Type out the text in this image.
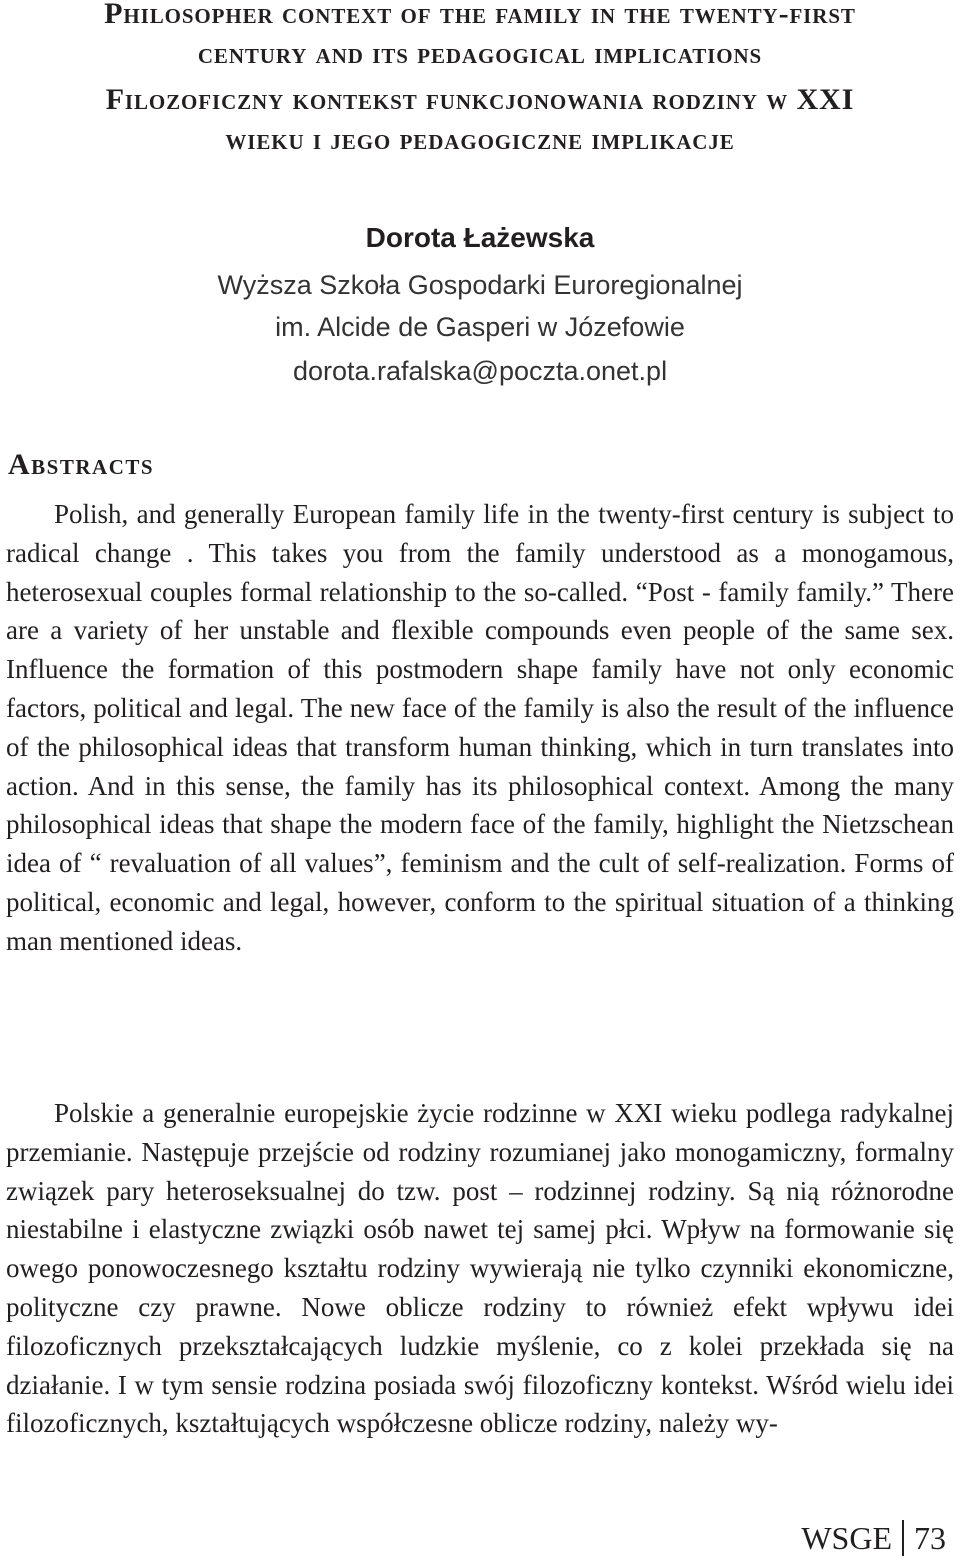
Philosopher context of the family in the twenty-first
century and its pedagogical implications
Filozoficzny kontekst funkcjonowania rodziny w XXI
wieku i jego pedagogiczne implikacje
Dorota Łażewska
Wyższa Szkoła Gospodarki Euroregionalnej
im. Alcide de Gasperi w Józefowie
dorota.rafalska@poczta.onet.pl
Abstracts

Polish, and generally European family life in the twenty-first century is subject to radical change . This takes you from the family understood as a monogamous, heterosexual couples formal relationship to the so-called. “Post - family family.” There are a variety of her unstable and flexible compounds even people of the same sex. Influence the formation of this postmodern shape family have not only economic factors, political and legal. The new face of the family is also the result of the influence of the philosophical ideas that transform human thinking, which in turn translates into action. And in this sense, the family has its philosophical context. Among the many philosophical ideas that shape the modern face of the family, highlight the Nietzschean idea of “ revaluation of all values”, feminism and the cult of self-realization. Forms of political, economic and legal, however, conform to the spiritual situation of a thinking man mentioned ideas.

Polskie a generalnie europejskie życie rodzinne w XXI wieku podlega radykalnej przemianie. Następuje przejście od rodziny rozumianej jako monogamiczny, formalny związek pary heteroseksualnej do tzw. post – rodzinnej rodziny. Są nią różnorodne niestabilne i elastyczne związki osób nawet tej samej płci. Wpływ na formowanie się owego ponowoczesnego kształtu rodziny wywierają nie tylko czynniki ekonomiczne, polityczne czy prawne. Nowe oblicze rodziny to również efekt wpływu idei filozoficznych przekształcających ludzkie myślenie, co z kolei przekłada się na działanie. I w tym sensie rodzina posiada swój filozoficzny kontekst. Wśród wielu idei filozoficznych, kształtujących współczesne oblicze rodziny, należy wy-

WSGE 73
